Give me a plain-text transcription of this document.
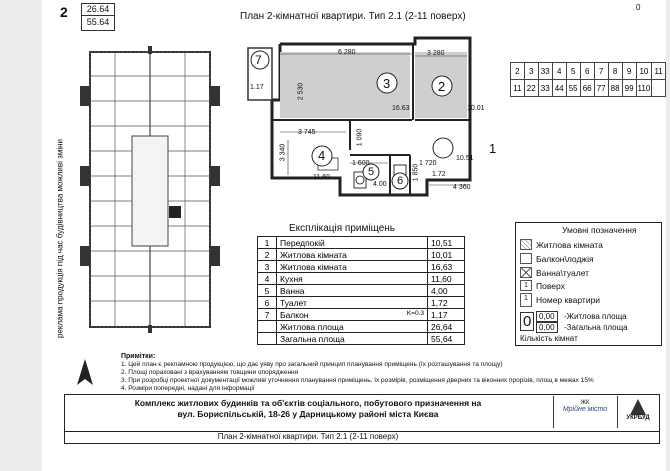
2	26.64
55.64	План 2-кімнатної квартири. Тип 2.1 (2-11 поверх)
0
реклама продукція під час будівництва можливі зміни
3
16.63
2
10.01
4
11.60
1
10.51
5
4.00 6
1.72
7
1.17
6 280	3 280
3 745
3 340
2 530
1 090
1 600	1 720
4 360
1 850
2	3	33	4	5	6	7	8	9	10	11
11	22	33	44	55	66	77	88	99	110	
Експлікація приміщень
1	Передпокій	10,51
2	Житлова кімната	10,01
3	Житлова кімната	16,63
4	Кухня	11,60
5	Ванна	4,00
6	Туалет	1,72
7	Балкон K=0.3	1,17
	Житлова площа	26,64
	Загальна площа	55,64
Умовні позначення
Житлова кімната
Балкон\лоджія
Ванна\туалет
1 Поверх
1 Номер квартири
0 0,00	-Житлова площа
0,00	-Загальна площа
Кількість кімнат
Примітки:
1. Цей план є рекламною продукцією, що дає уяву про загальний принцип планування приміщень (їх розташування та площу)
2. Площі пораховані з врахуванням товщини опорядження
3. При розробці проектної документації можливі уточнення планування приміщень, їх розмірів, розміщення дверних та віконних прорізів, площ в межах 15%
4. Розміри попередні, надані для інформації
Комплекс житлових будинків та об'єктів соціального, побутового призначення на
вул. Бориспільській, 18-26 у Дарницькому районі міста Києва
ЖК
Мрійне місто
УКРБУД
План 2-кімнатної квартири. Тип 2.1 (2-11 поверх)
